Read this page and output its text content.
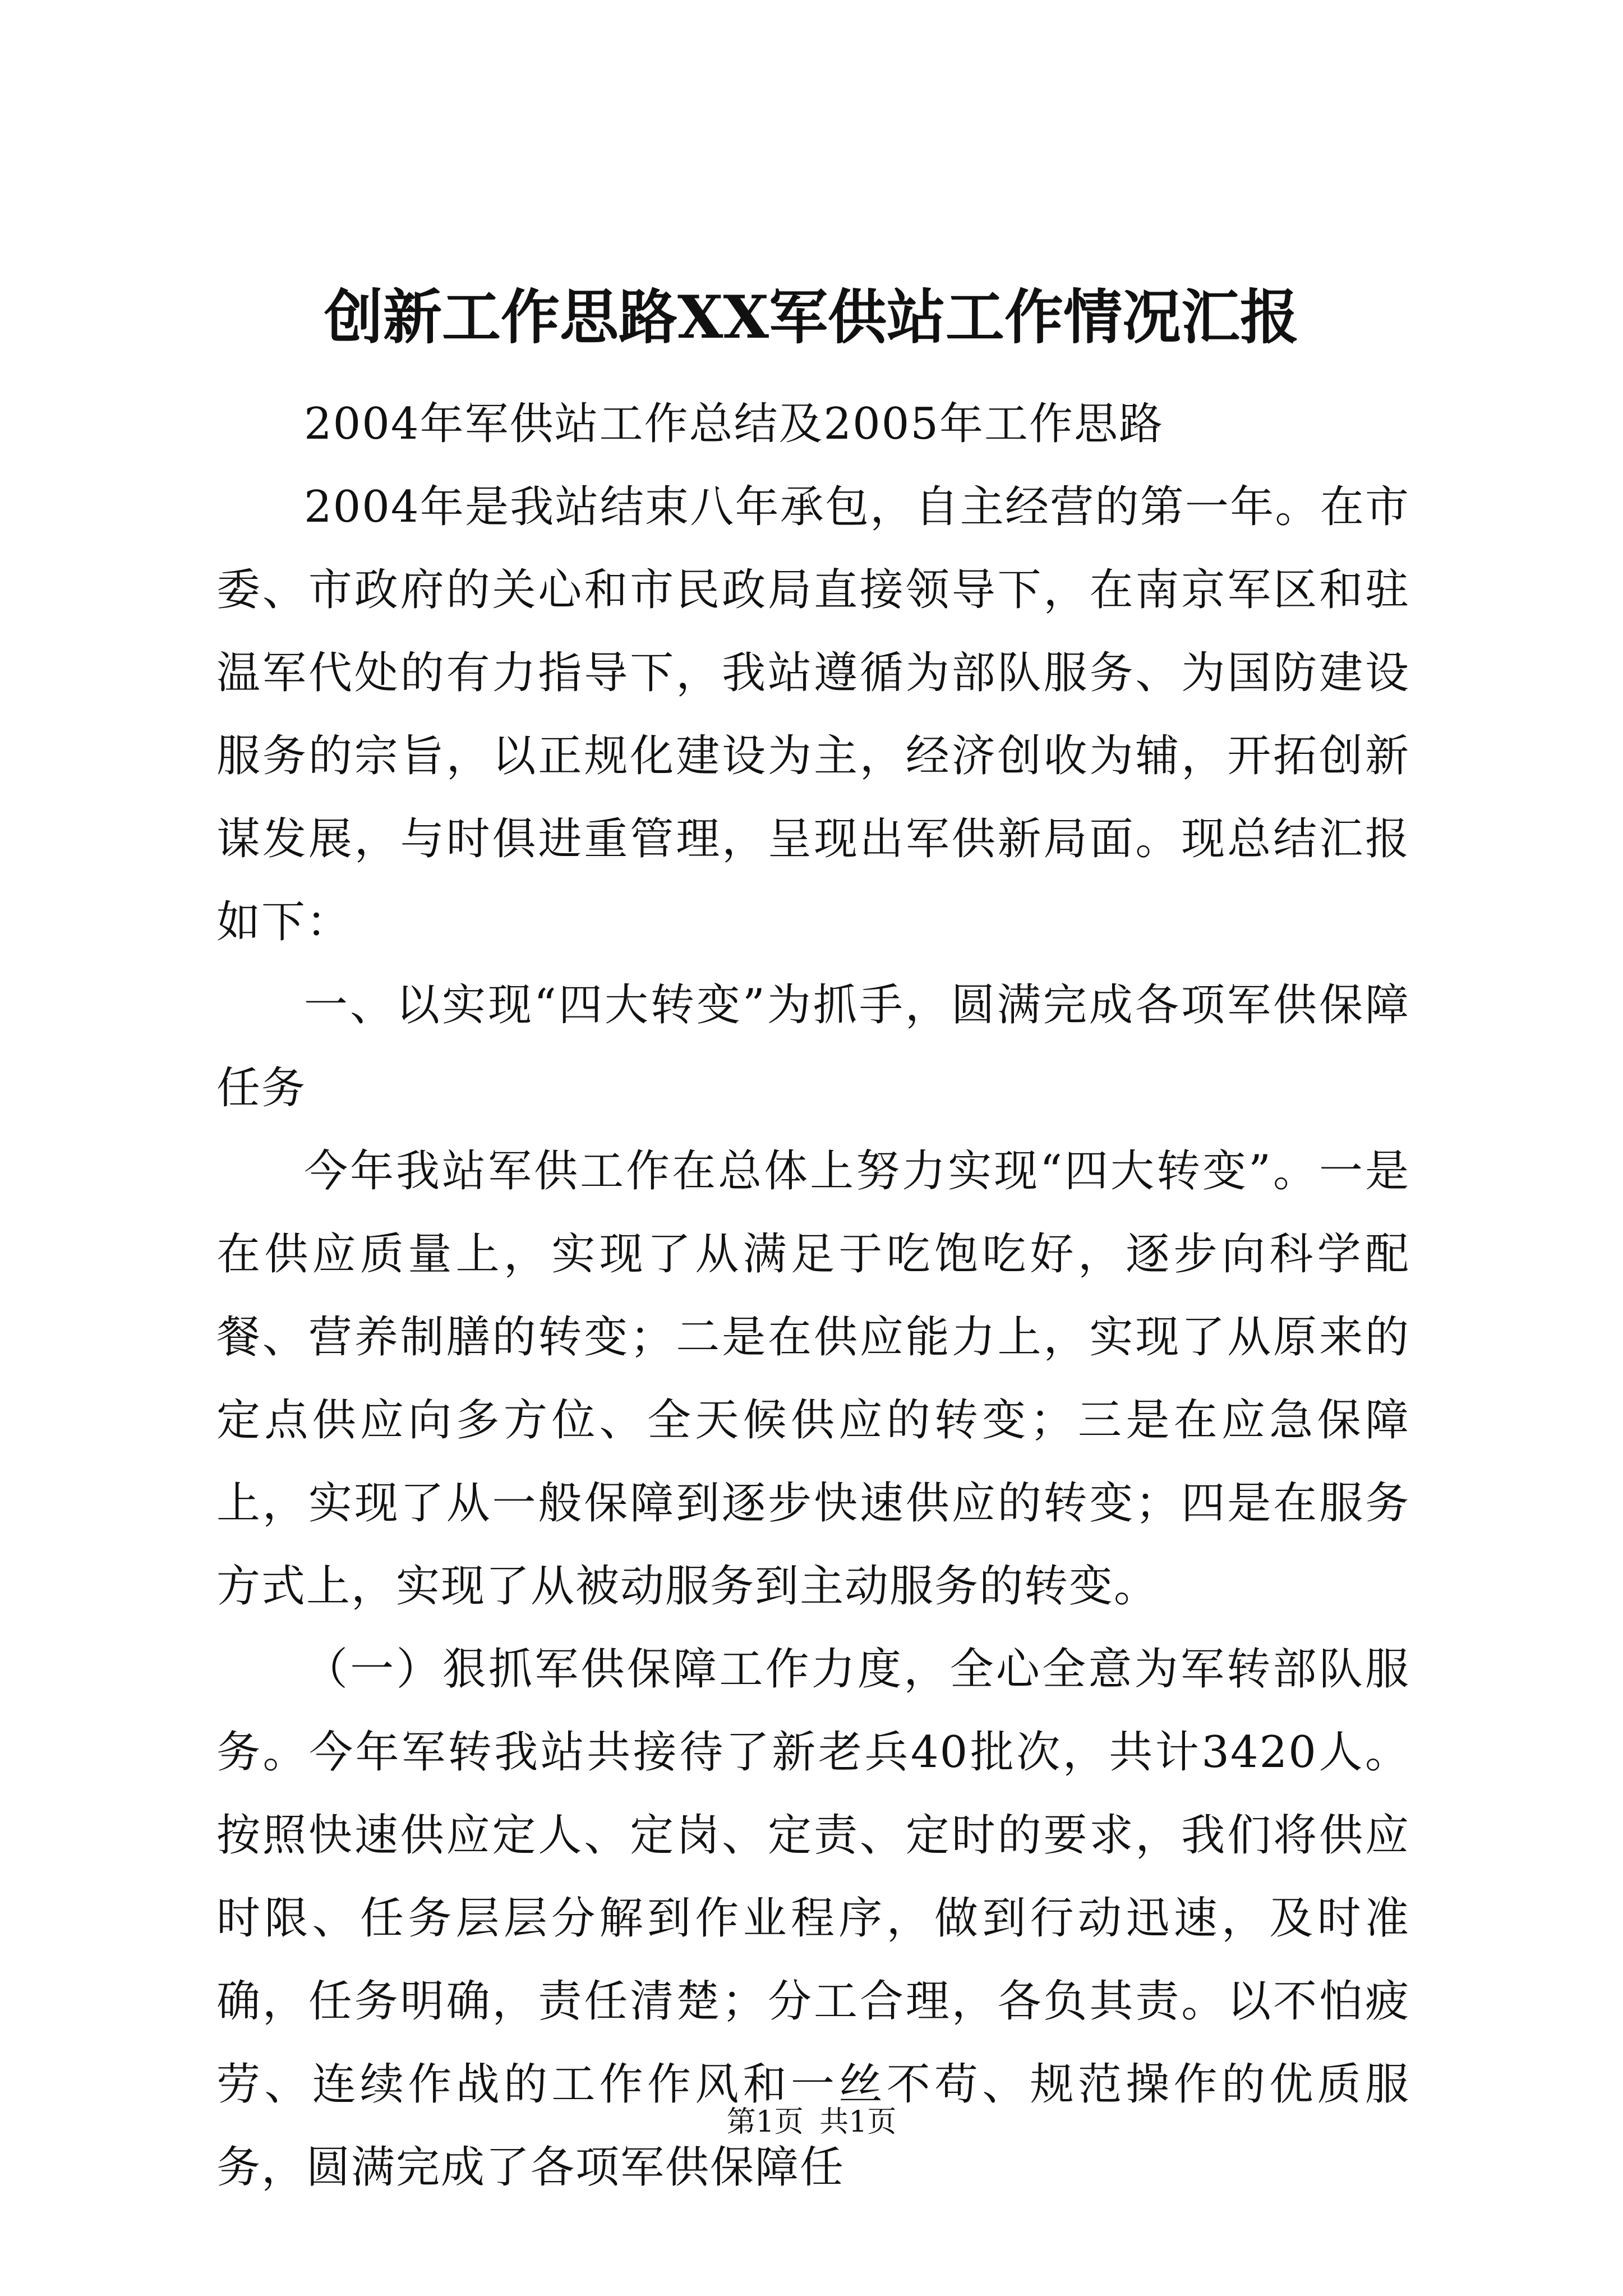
创新工作思路XX军供站工作情况汇报

2004年军供站工作总结及2005年工作思路

2004年是我站结束八年承包，自主经营的第一年。在市委、市政府的关心和市民政局直接领导下，在南京军区和驻温军代处的有力指导下，我站遵循为部队服务、为国防建设服务的宗旨，以正规化建设为主，经济创收为辅，开拓创新谋发展，与时俱进重管理，呈现出军供新局面。现总结汇报如下：

一、以实现“四大转变”为抓手，圆满完成各项军供保障任务

今年我站军供工作在总体上努力实现“四大转变”。一是在供应质量上，实现了从满足于吃饱吃好，逐步向科学配餐、营养制膳的转变；二是在供应能力上，实现了从原来的定点供应向多方位、全天候供应的转变；三是在应急保障上，实现了从一般保障到逐步快速供应的转变；四是在服务方式上，实现了从被动服务到主动服务的转变。

（一）狠抓军供保障工作力度，全心全意为军转部队服务。今年军转我站共接待了新老兵40批次，共计3420人。按照快速供应定人、定岗、定责、定时的要求，我们将供应时限、任务层层分解到作业程序，做到行动迅速，及时准确，任务明确，责任清楚；分工合理，各负其责。以不怕疲劳、连续作战的工作作风和一丝不苟、规范操作的优质服务，圆满完成了各项军供保障任

第1页 共1页
